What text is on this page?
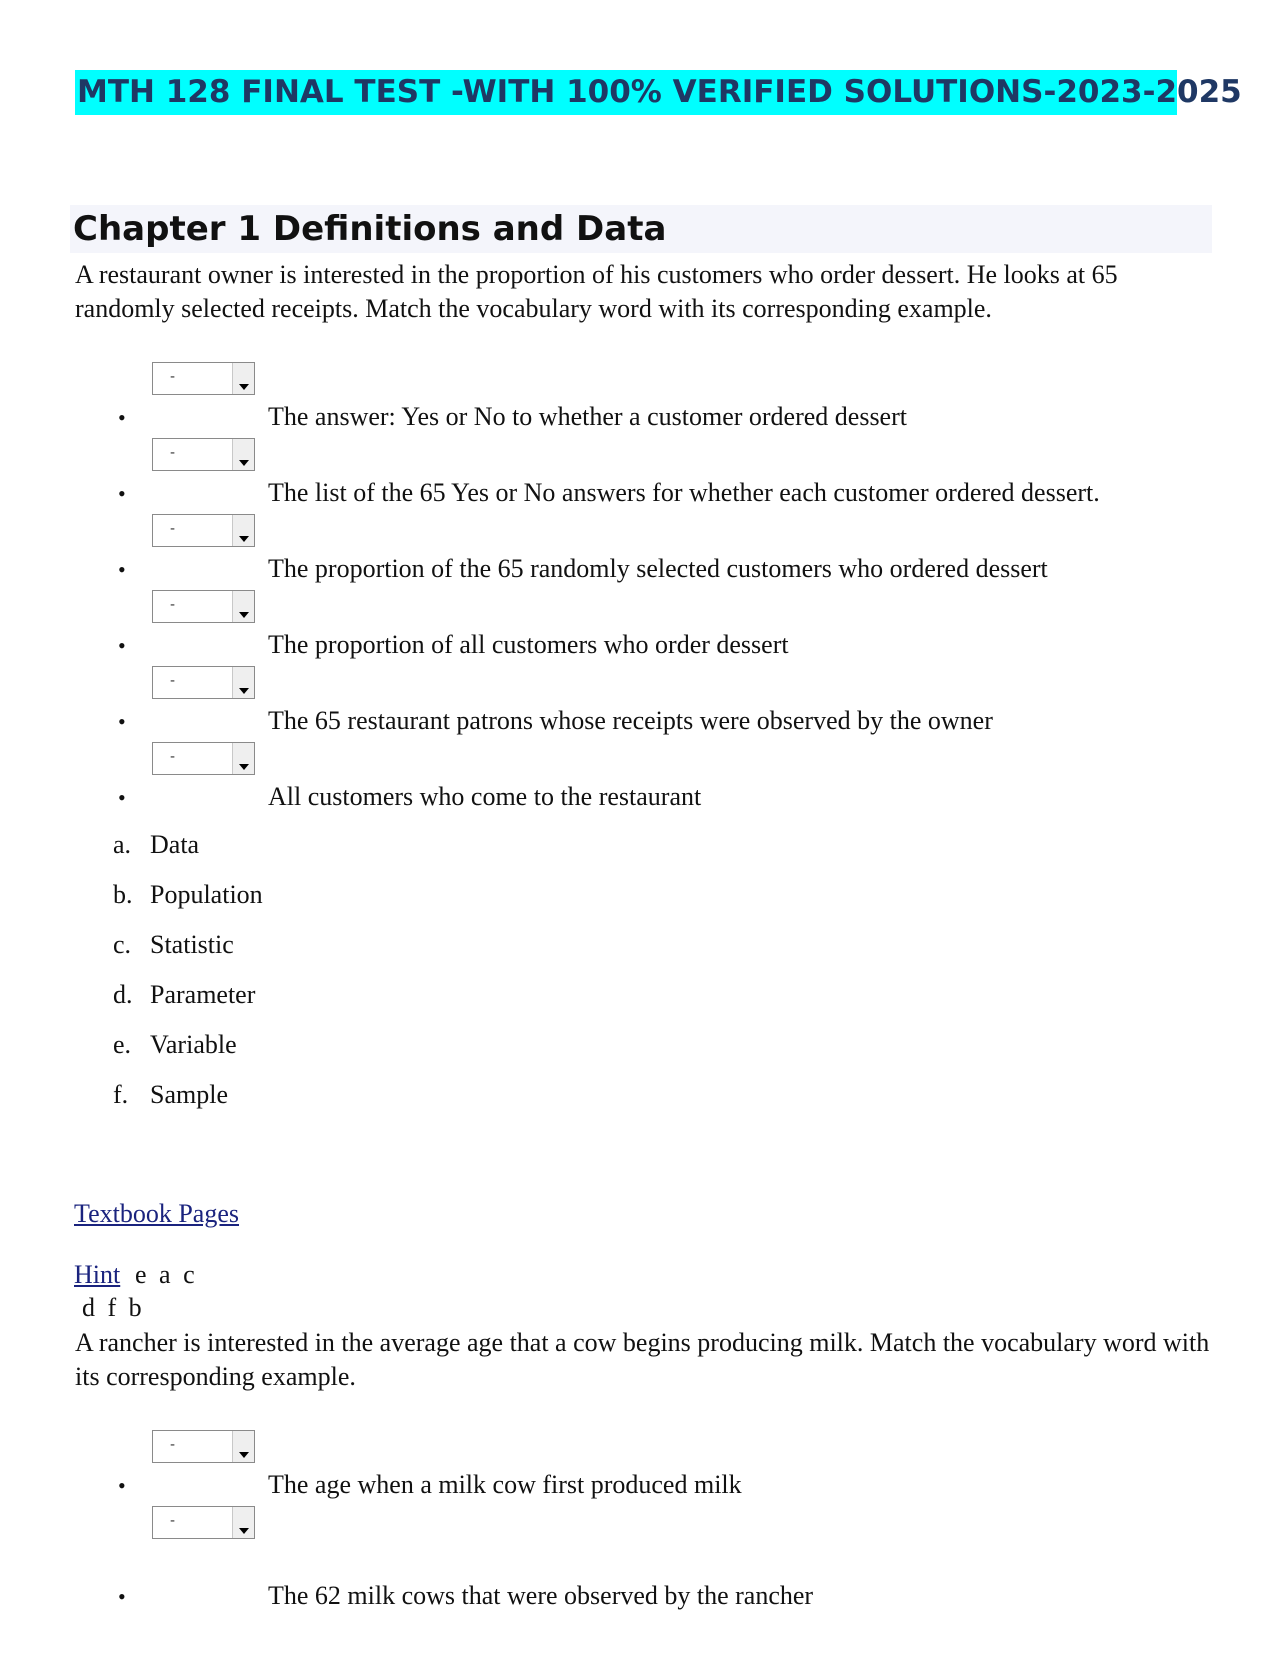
MTH 128 FINAL TEST -WITH 100% VERIFIED SOLUTIONS-2023-2025
Chapter 1 Definitions and Data
A restaurant owner is interested in the proportion of his customers who order dessert. He looks at 65 randomly selected receipts. Match the vocabulary word with its corresponding example.
-
•	The answer: Yes or No to whether a customer ordered dessert
-
•	The list of the 65 Yes or No answers for whether each customer ordered dessert.
-
•	The proportion of the 65 randomly selected customers who ordered dessert
-
•	The proportion of all customers who order dessert
-
•	The 65 restaurant patrons whose receipts were observed by the owner
-
•	All customers who come to the restaurant
a. Data
b. Population
c. Statistic
d. Parameter
e. Variable
f. Sample
Textbook Pages
Hint e a c
d f b
A rancher is interested in the average age that a cow begins producing milk. Match the vocabulary word with its corresponding example.
-
•	The age when a milk cow first produced milk
-
•	The 62 milk cows that were observed by the rancher
